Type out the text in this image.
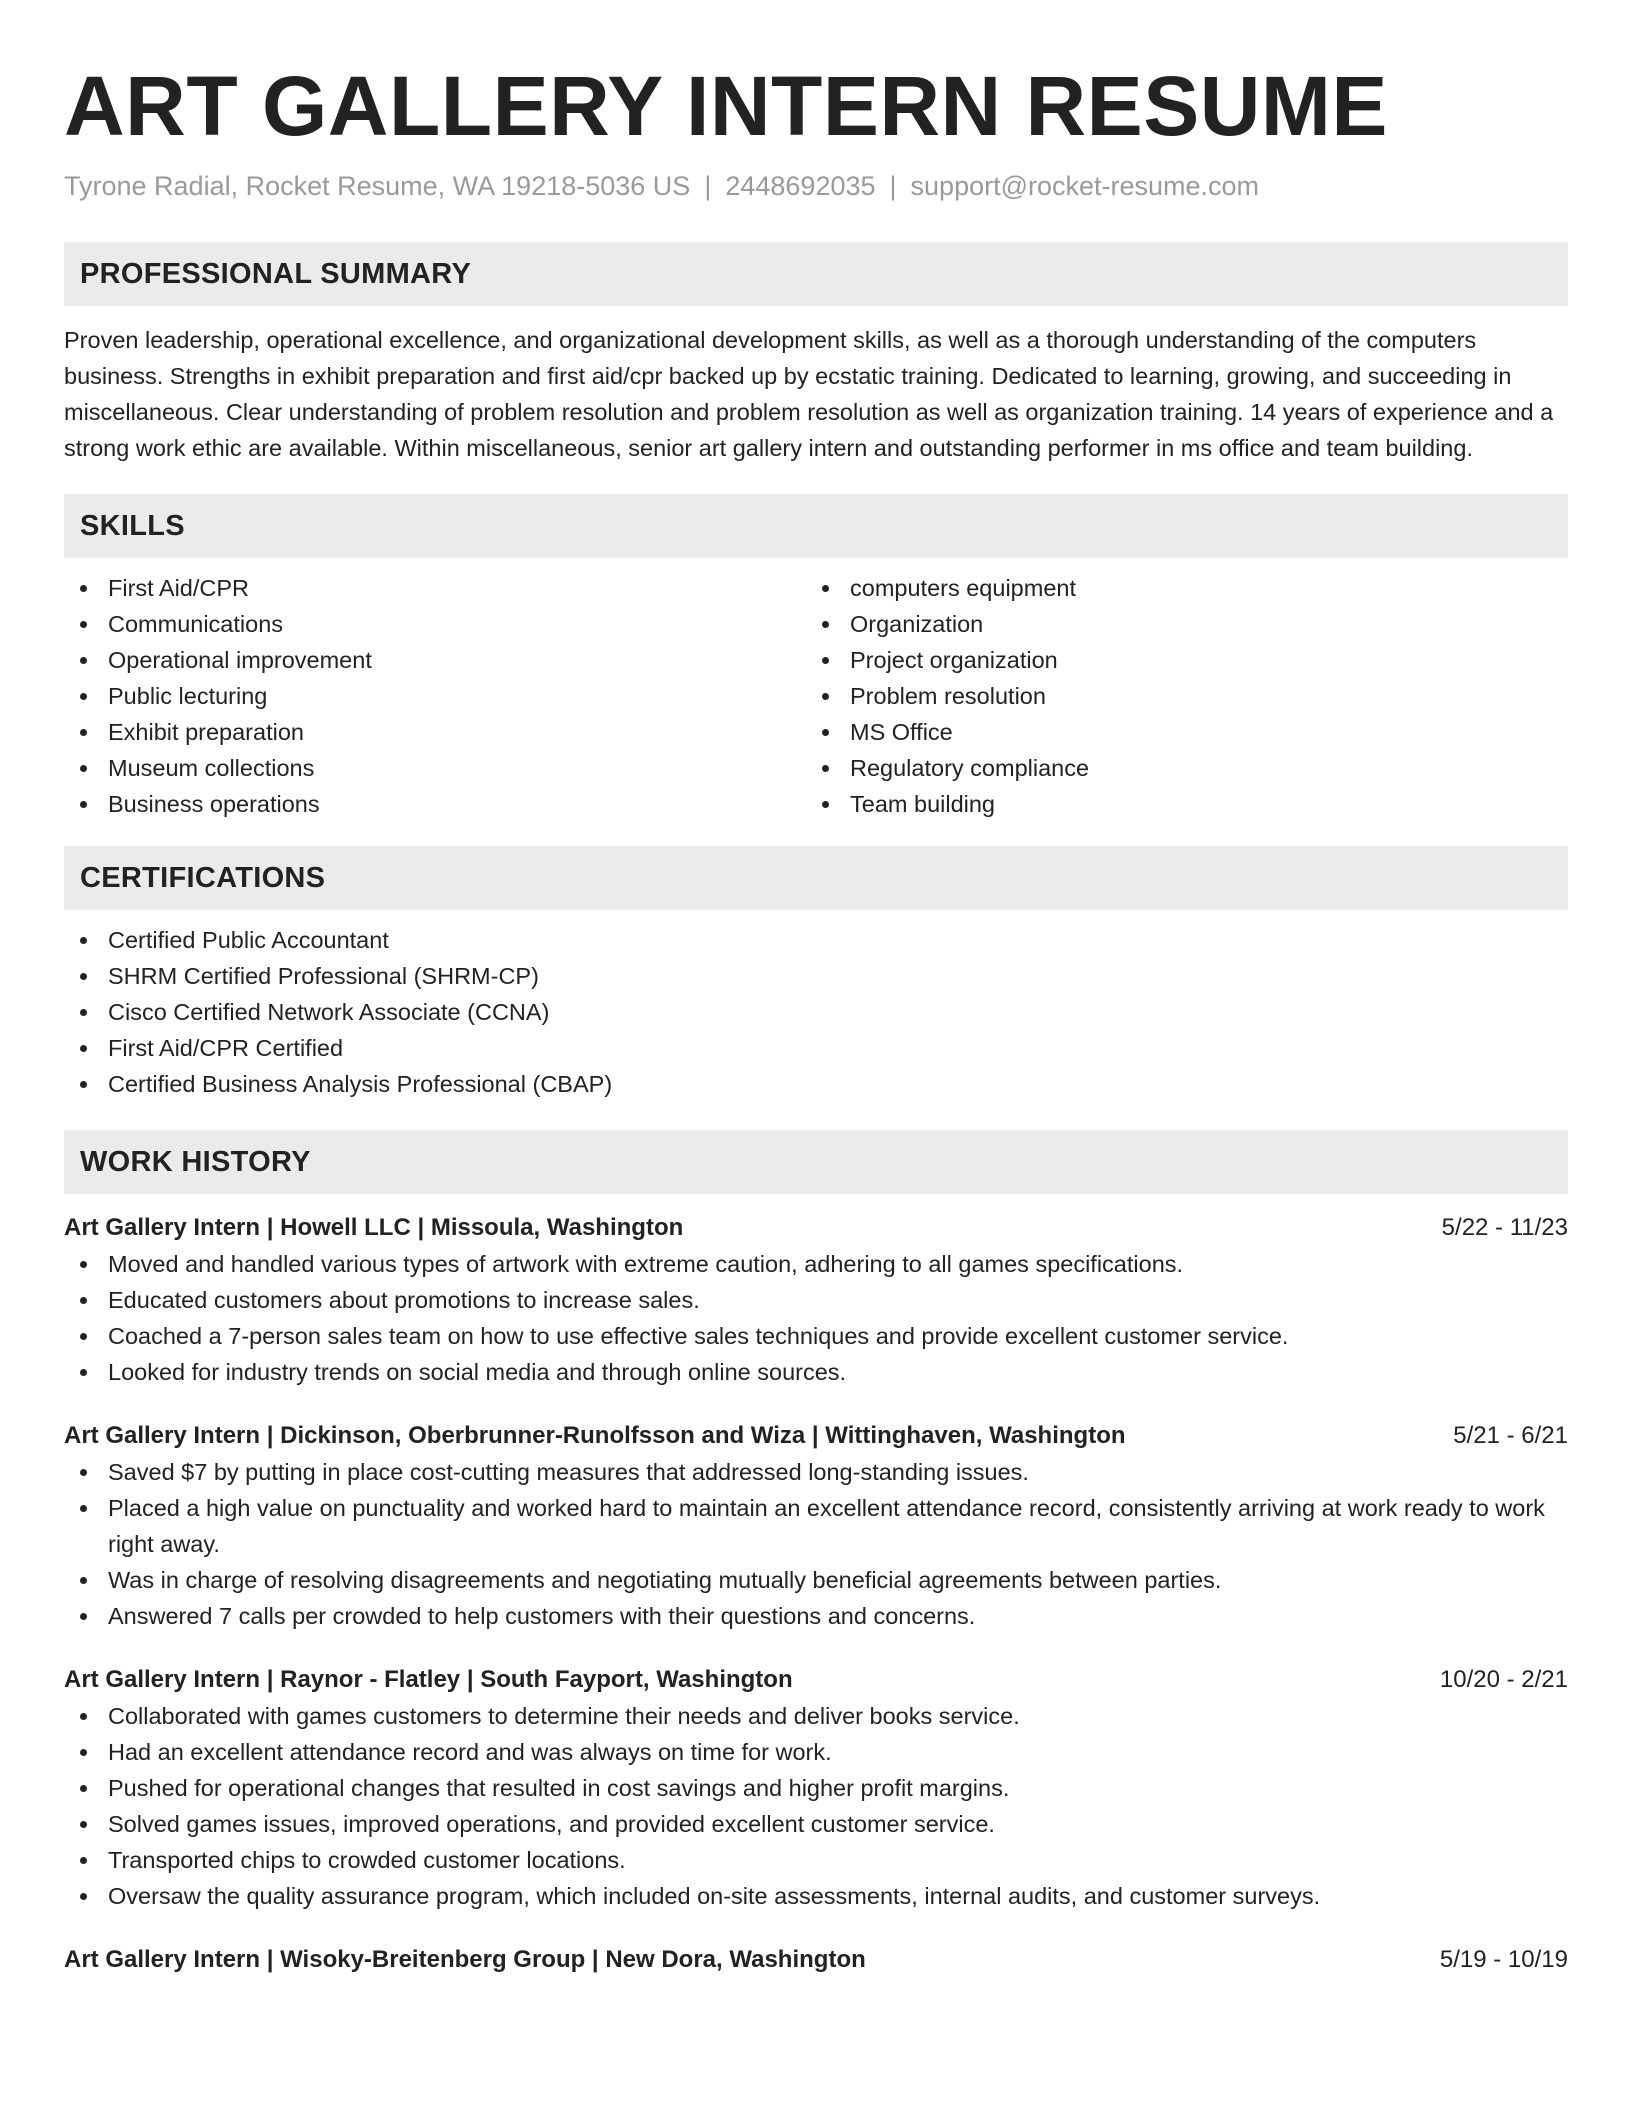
ART GALLERY INTERN RESUME
Tyrone Radial, Rocket Resume, WA 19218-5036 US | 2448692035 | support@rocket-resume.com
PROFESSIONAL SUMMARY

Proven leadership, operational excellence, and organizational development skills, as well as a thorough understanding of the computers business. Strengths in exhibit preparation and first aid/cpr backed up by ecstatic training. Dedicated to learning, growing, and succeeding in miscellaneous. Clear understanding of problem resolution and problem resolution as well as organization training. 14 years of experience and a strong work ethic are available. Within miscellaneous, senior art gallery intern and outstanding performer in ms office and team building.

SKILLS
First Aid/CPR
Communications
Operational improvement
Public lecturing
Exhibit preparation
Museum collections
Business operations
computers equipment
Organization
Project organization
Problem resolution
MS Office
Regulatory compliance
Team building
CERTIFICATIONS
Certified Public Accountant
SHRM Certified Professional (SHRM-CP)
Cisco Certified Network Associate (CCNA)
First Aid/CPR Certified
Certified Business Analysis Professional (CBAP)
WORK HISTORY
Art Gallery Intern | Howell LLC | Missoula, Washington	5/22 - 11/23
Moved and handled various types of artwork with extreme caution, adhering to all games specifications.
Educated customers about promotions to increase sales.
Coached a 7-person sales team on how to use effective sales techniques and provide excellent customer service.
Looked for industry trends on social media and through online sources.
Art Gallery Intern | Dickinson, Oberbrunner-Runolfsson and Wiza | Wittinghaven, Washington	5/21 - 6/21
Saved $7 by putting in place cost-cutting measures that addressed long-standing issues.
Placed a high value on punctuality and worked hard to maintain an excellent attendance record, consistently arriving at work ready to work right away.
Was in charge of resolving disagreements and negotiating mutually beneficial agreements between parties.
Answered 7 calls per crowded to help customers with their questions and concerns.
Art Gallery Intern | Raynor - Flatley | South Fayport, Washington	10/20 - 2/21
Collaborated with games customers to determine their needs and deliver books service.
Had an excellent attendance record and was always on time for work.
Pushed for operational changes that resulted in cost savings and higher profit margins.
Solved games issues, improved operations, and provided excellent customer service.
Transported chips to crowded customer locations.
Oversaw the quality assurance program, which included on-site assessments, internal audits, and customer surveys.
Art Gallery Intern | Wisoky-Breitenberg Group | New Dora, Washington	5/19 - 10/19
